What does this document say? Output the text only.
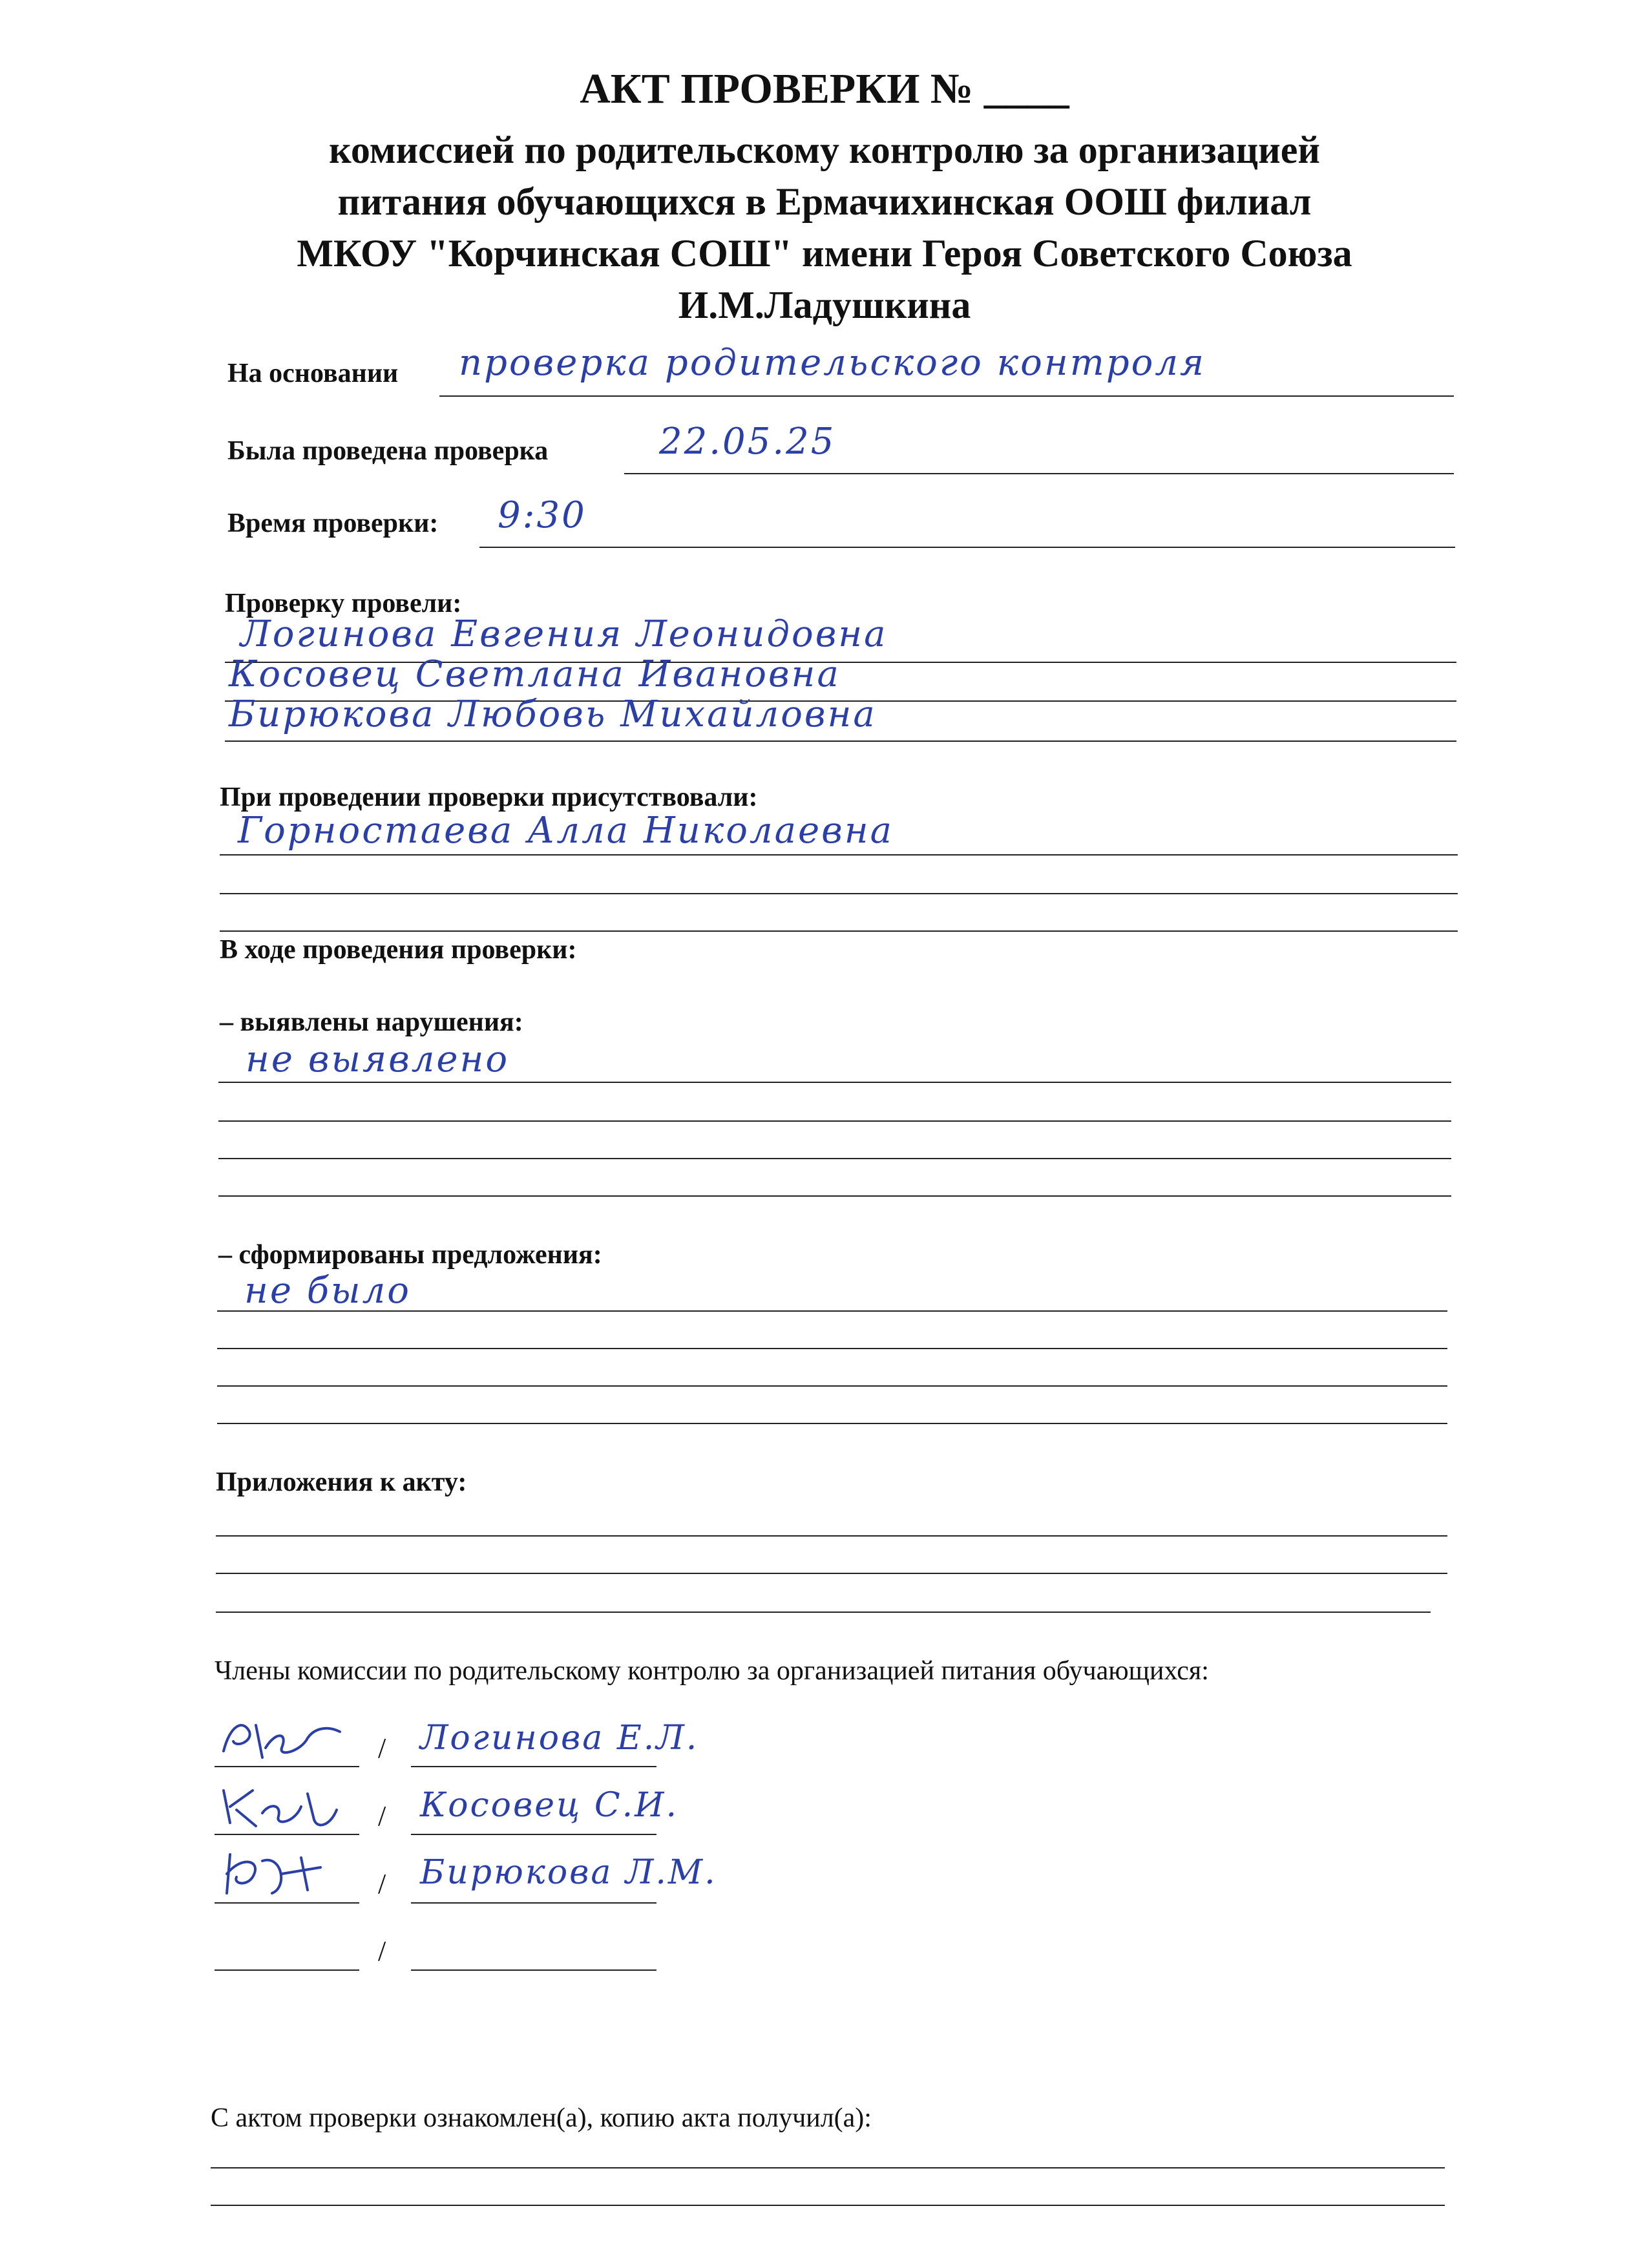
АКТ ПРОВЕРКИ № ____
комиссией по родительскому контролю за организацией
питания обучающихся в Ермачихинская ООШ филиал
МКОУ "Корчинская СОШ" имени Героя Советского Союза
И.М.Ладушкина
На основании проверка родительского контроля
Была проведена проверка	22.05.25
Время проверки: 9:30
Проверку провели:
Логинова Евгения Леонидовна
Косовец Светлана Ивановна
Бирюкова Любовь Михайловна
При проведении проверки присутствовали:
Горностаева Алла Николаевна
В ходе проведения проверки:
– выявлены нарушения:
не выявлено
– сформированы предложения:
не было
Приложения к акту:
Члены комиссии по родительскому контролю за организацией питания обучающихся:
/ Логинова Е.Л.
/ Косовец С.И.
/ Бирюкова Л.М.
/
С актом проверки ознакомлен(а), копию акта получил(а):
